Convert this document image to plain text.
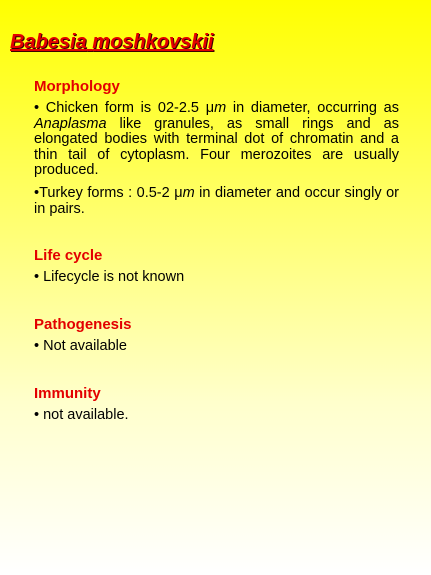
Babesia moshkovskii
Morphology

• Chicken form is 02-2.5 μm in diameter, occurring as Anaplasma like granules, as small rings and as elongated bodies with terminal dot of chromatin and a thin tail of cytoplasm. Four merozoites are usually produced.

•Turkey forms : 0.5-2 μm in diameter and occur singly or in pairs.

Life cycle

• Lifecycle is not known

Pathogenesis

• Not available

Immunity

• not available.
